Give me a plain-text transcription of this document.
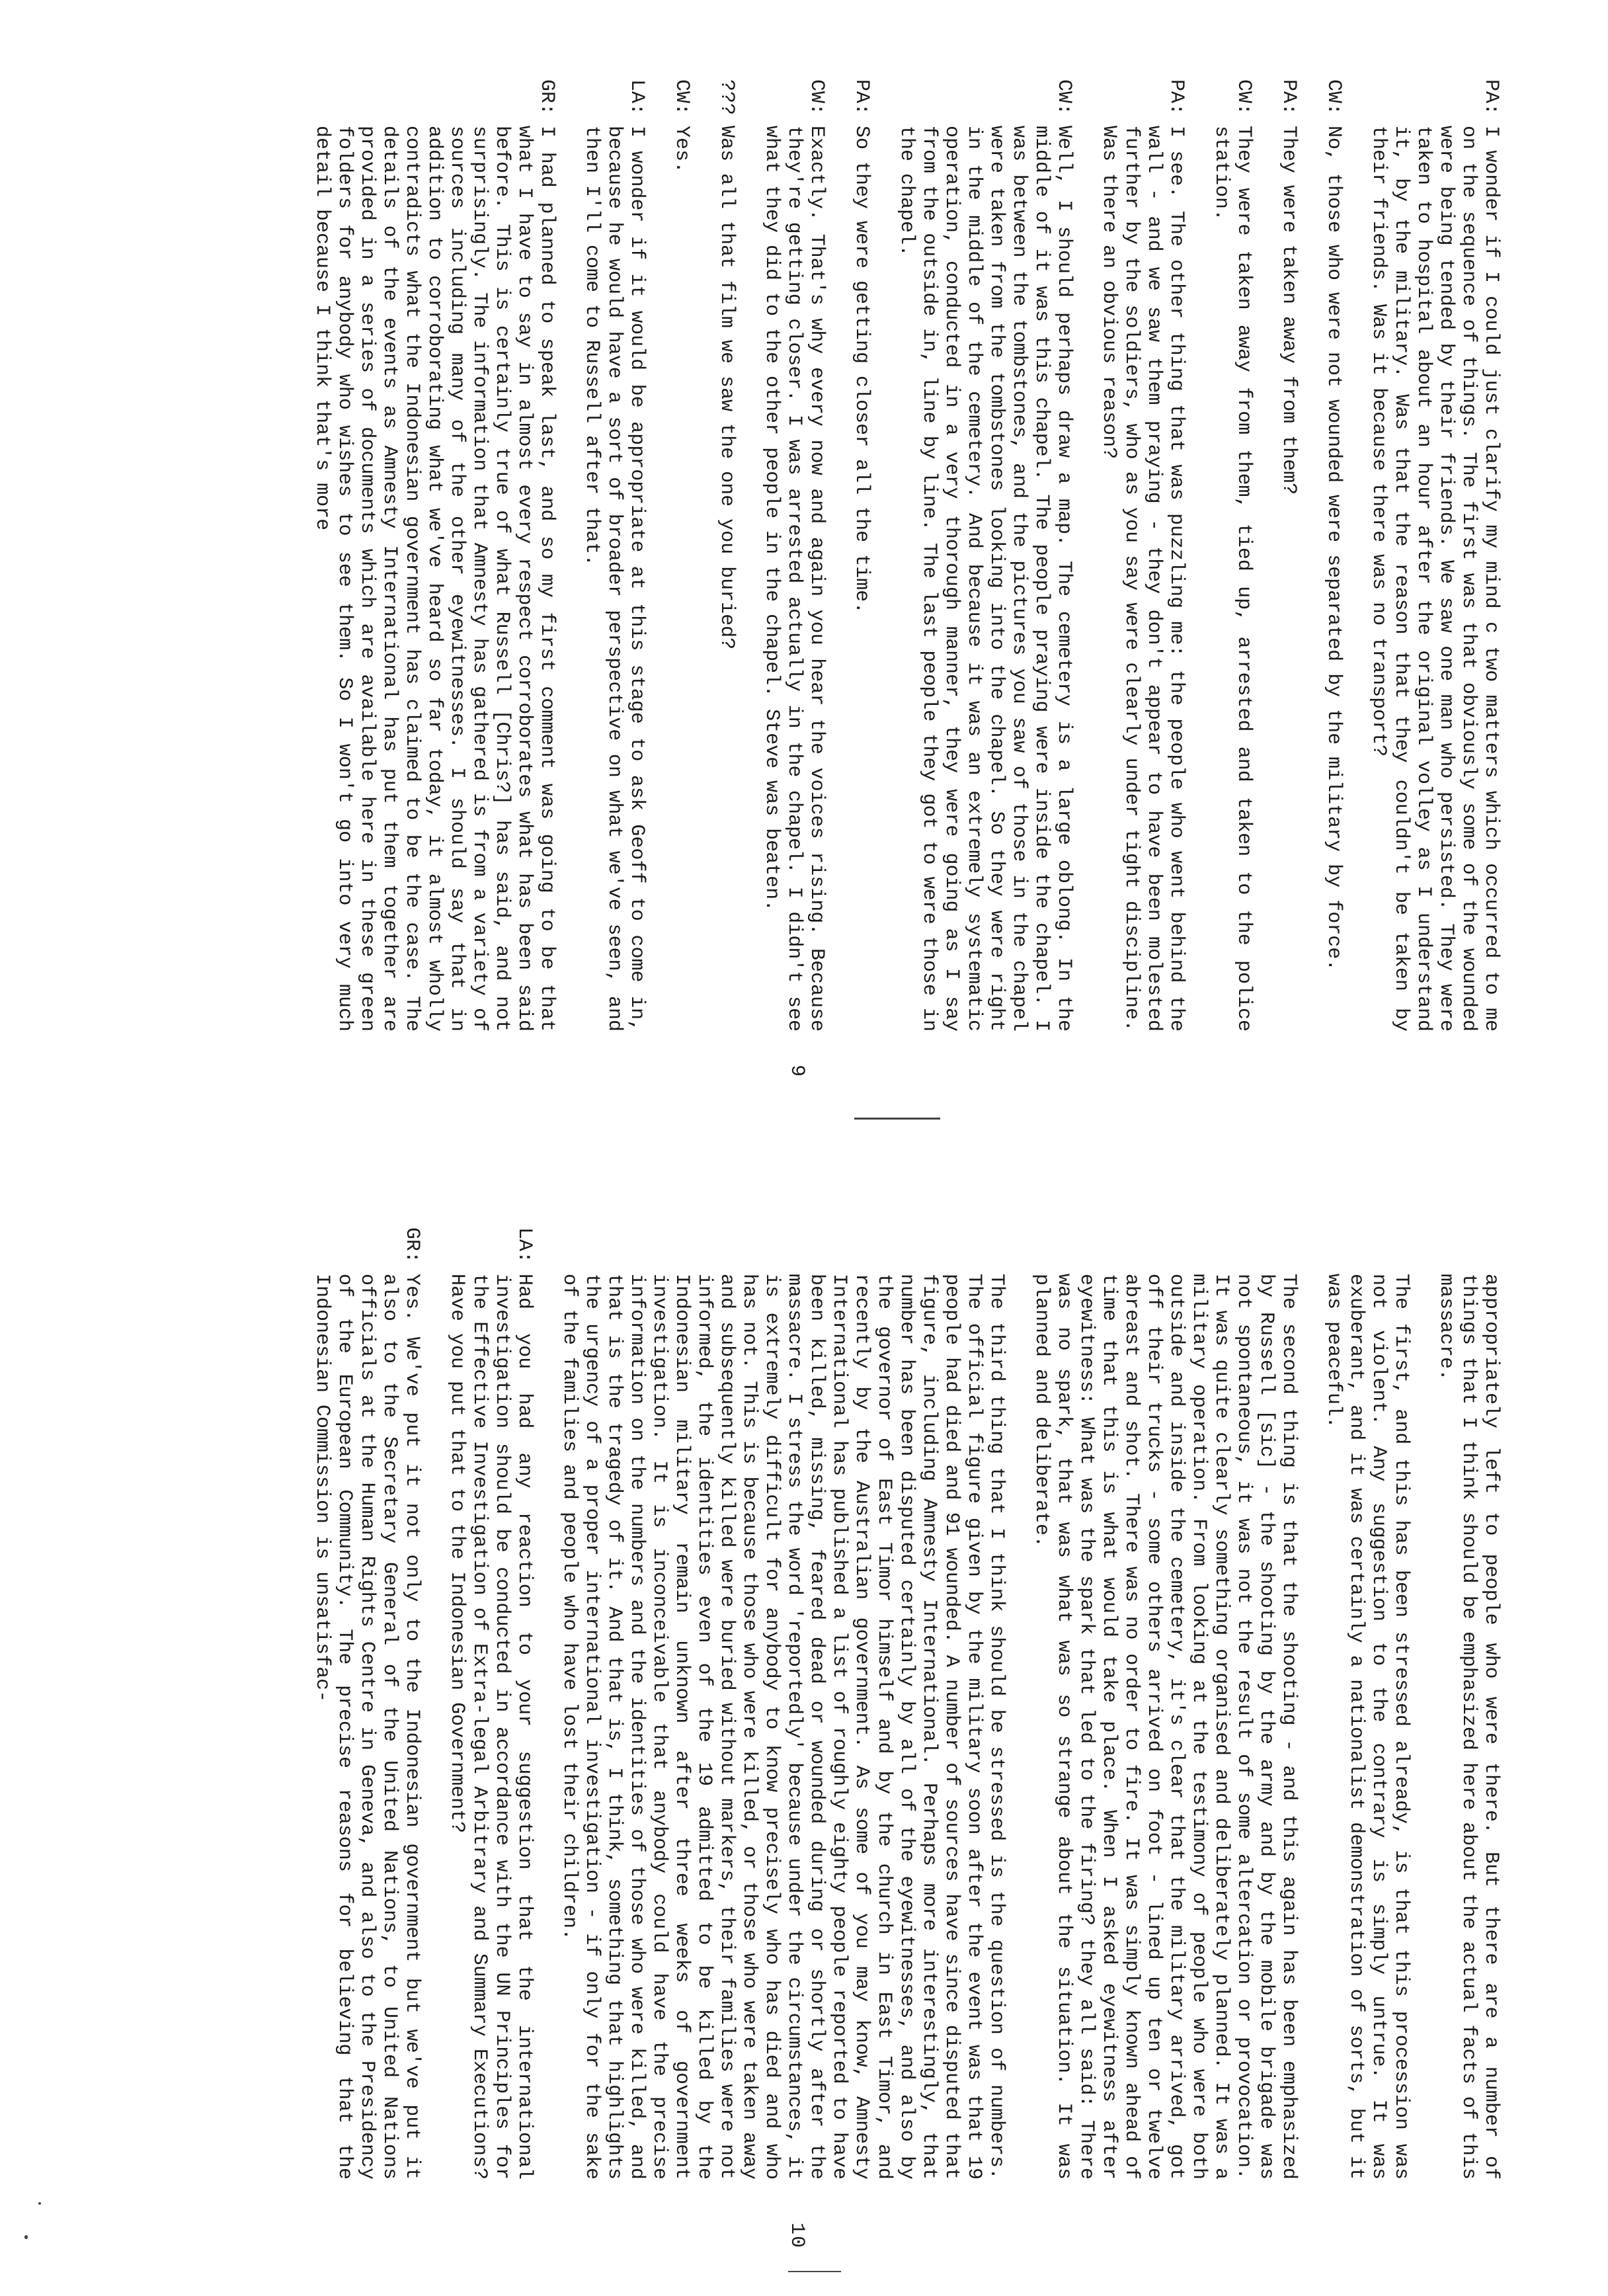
9
PA:

I wonder if I could just clarify my mind c two matters which occurred to me on the sequence of things. The first was that obviously some of the wounded were being tended by their friends. We saw one man who persisted. They were taken to hospital about an hour after the original volley as I understand it, by the military. Was that the reason that they couldn't be taken by their friends. Was it because there was no transport?

CW:

No, those who were not wounded were separated by the military by force.

PA:

They were taken away from them?

CW:

They were taken away from them, tied up, arrested and taken to the police station.

PA:

I see. The other thing that was puzzling me: the people who went behind the wall - and we saw them praying - they don't appear to have been molested further by the soldiers, who as you say were clearly under tight discipline. Was there an obvious reason?

CW:

Well, I should perhaps draw a map. The cemetery is a large oblong. In the middle of it was this chapel. The people praying were inside the chapel. I was between the tombstones, and the pictures you saw of those in the chapel were taken from the tombstones looking into the chapel. So they were right in the middle of the cemetery. And because it was an extremely systematic operation, conducted in a very thorough manner, they were going as I say from the outside in, line by line. The last people they got to were those in the chapel.

PA:

So they were getting closer all the time.

CW:

Exactly. That's why every now and again you hear the voices rising. Because they're getting closer. I was arrested actually in the chapel. I didn't see what they did to the other people in the chapel. Steve was beaten.

???

Was all that film we saw the one you buried?

CW:

Yes.

LA:

I wonder if it would be appropriate at this stage to ask Geoff to come in, because he would have a sort of broader perspective on what we've seen, and then I'll come to Russell after that.

GR:

I had planned to speak last, and so my first comment was going to be that what I have to say in almost every respect corroborates what has been said before. This is certainly true of what Russell [Chris?] has said, and not surprisingly. The information that Amnesty has gathered is from a variety of sources including many of the other eyewitnesses. I should say that in addition to corroborating what we've heard so far today, it almost wholly contradicts what the Indonesian government has claimed to be the case. The details of the events as Amnesty International has put them together are provided in a series of documents which are available here in these green folders for anybody who wishes to see them. So I won't go into very much detail because I think that's more

10

appropriately left to people who were there. But there are a number of things that I think should be emphasized here about the actual facts of this massacre.

The first, and this has been stressed already, is that this procession was not violent. Any suggestion to the contrary is simply untrue. It was exuberant, and it was certainly a nationalist demonstration of sorts, but it was peaceful.

The second thing is that the shooting - and this again has been emphasized by Russell [sic] - the shooting by the army and by the mobile brigade was not spontaneous, it was not the result of some altercation or provocation. It was quite clearly something organised and deliberately planned. It was a military operation. From looking at the testimony of people who were both outside and inside the cemetery, it's clear that the military arrived, got off their trucks - some others arrived on foot - lined up ten or twelve abreast and shot. There was no order to fire. It was simply known ahead of time that this is what would take place. When I asked eyewitness after eyewitness: What was the spark that led to the firing? they all said: There was no spark, that was what was so strange about the situation. It was planned and deliberate.

The third thing that I think should be stressed is the question of numbers. The official figure given by the military soon after the event was that 19 people had died and 91 wounded. A number of sources have since disputed that figure, including Amnesty International. Perhaps more interestingly, that number has been disputed certainly by all of the eyewitnesses, and also by the governor of East Timor himself and by the church in East Timor, and recently by the Australian government. As some of you may know, Amnesty International has published a list of roughly eighty people reported to have been killed, missing, feared dead or wounded during or shortly after the massacre. I stress the word 'reportedly' because under the circumstances, it is extremely difficult for anybody to know precisely who has died and who has not. This is because those who were killed, or those who were taken away and subsequently killed were buried without markers, their families were not informed, the identities even of the 19 admitted to be killed by the Indonesian military remain unknown after three weeks of government investigation. It is inconceivable that anybody could have the precise information on the numbers and the identities of those who were killed, and that is the tragedy of it. And that is, I think, something that highlights the urgency of a proper international investigation - if only for the sake of the families and people who have lost their children.

LA:

Had you had any reaction to your suggestion that the international investigation should be conducted in accordance with the UN Principles for the Effective Investigation of Extra-legal Arbitrary and Summary Executions? Have you put that to the Indonesian Government?

GR:

Yes. We've put it not only to the Indonesian government but we've put it also to the Secretary General of the United Nations, to United Nations officials at the Human Rights Centre in Geneva, and also to the Presidency of the European Community. The precise reasons for believing that the Indonesian Commission is unsatisfac-
